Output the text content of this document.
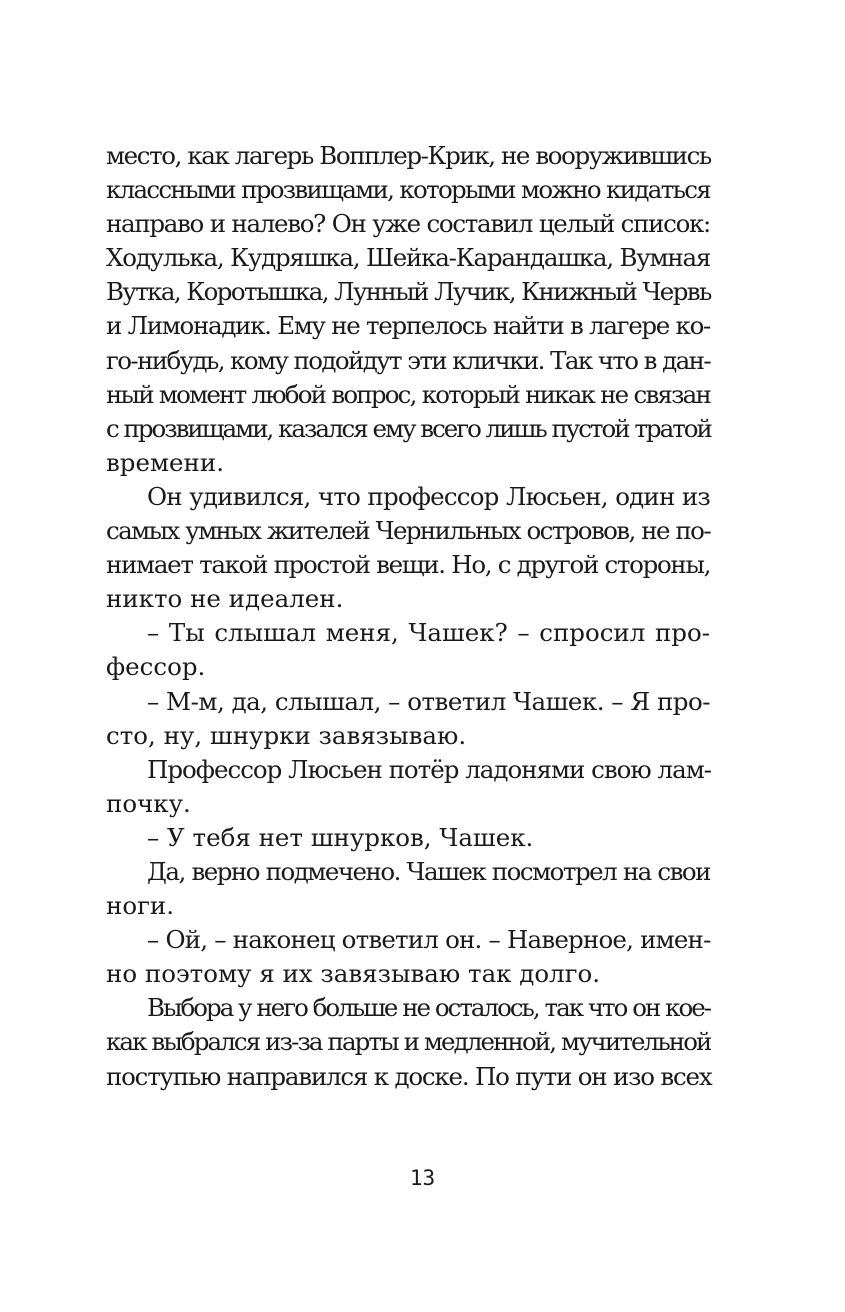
место, как лагерь Вопплер-Крик, не вооружившись
классными прозвищами, которыми можно кидаться
направо и налево? Он уже составил целый список:
Ходулька, Кудряшка, Шейка-Карандашка, Вумная
Вутка, Коротышка, Лунный Лучик, Книжный Червь
и Лимонадик. Ему не терпелось найти в лагере ко-
го-нибудь, кому подойдут эти клички. Так что в дан-
ный момент любой вопрос, который никак не связан
с прозвищами, казался ему всего лишь пустой тратой
времени.
Он удивился, что профессор Люсьен, один из
самых умных жителей Чернильных островов, не по-
нимает такой простой вещи. Но, с другой стороны,
никто не идеален.
– Ты слышал меня, Чашек? – спросил про-
фессор.
– М-м, да, слышал, – ответил Чашек. – Я про-
сто, ну, шнурки завязываю.
Профессор Люсьен потёр ладонями свою лам-
почку.
– У тебя нет шнурков, Чашек.
Да, верно подмечено. Чашек посмотрел на свои
ноги.
– Ой, – наконец ответил он. – Наверное, имен-
но поэтому я их завязываю так долго.
Выбора у него больше не осталось, так что он кое-
как выбрался из-за парты и медленной, мучительной
поступью направился к доске. По пути он изо всех
13
